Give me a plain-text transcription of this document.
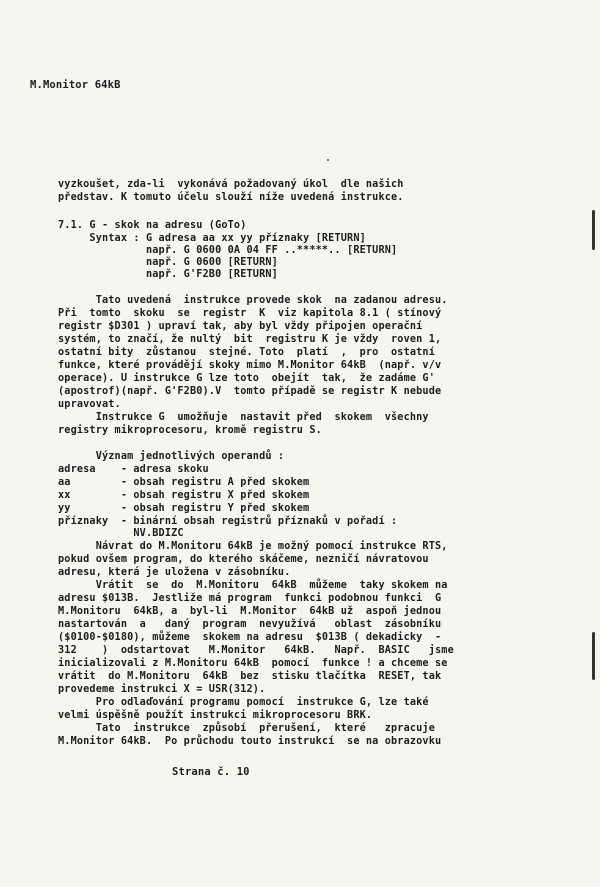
M.Monitor 64kB
vyzkoušet, zda-li  vykonává požadovaný úkol  dle našich
představ. K tomuto účelu slouží níže uvedená instrukce.
7.1. G - skok na adresu (GoTo)
Syntax : G adresa aa xx yy příznaky [RETURN]
např. G 0600 0A 04 FF ..*****.. [RETURN]
např. G 0600 [RETURN]
např. G'F2B0 [RETURN]
Tato uvedená  instrukce provede skok  na zadanou adresu.
Při  tomto  skoku  se  registr  K  viz kapitola 8.1 ( stínový
registr $D301 ) upraví tak, aby byl vždy připojen operační
systém, to značí, že nultý  bit  registru K je vždy  roven 1,
ostatní bity  zůstanou  stejné. Toto  platí  ,  pro  ostatní
funkce, které provádějí skoky mimo M.Monitor 64kB  (např. v/v
operace). U instrukce G lze toto  obejít  tak,  že zadáme G'
(apostrof)(např. G'F2B0).V  tomto případě se registr K nebude
upravovat.
Instrukce G  umožňuje  nastavit před  skokem  všechny
registry mikroprocesoru, kromě registru S.
Význam jednotlivých operandů :
adresa    - adresa skoku
aa        - obsah registru A před skokem
xx        - obsah registru X před skokem
yy        - obsah registru Y před skokem
příznaky  - binární obsah registrů příznaků v pořadí :
NV.BDIZC
Návrat do M.Monitoru 64kB je možný pomocí instrukce RTS,
pokud ovšem program, do kterého skáčeme, nezničí návratovou
adresu, která je uložena v zásobníku.
Vrátit  se  do  M.Monitoru  64kB  můžeme  taky skokem na
adresu $013B.  Jestliže má program  funkci podobnou funkci  G
M.Monitoru  64kB, a  byl-li  M.Monitor  64kB už  aspoň jednou
nastartován  a   daný  program  nevyužívá   oblast  zásobníku
($0100-$0180), můžeme  skokem na adresu  $013B ( dekadicky  -
312    )  odstartovat   M.Monitor   64kB.   Např.  BASIC   jsme
inicializovali z M.Monitoru 64kB  pomocí  funkce ! a chceme se
vrátit  do M.Monitoru  64kB  bez  stisku tlačítka  RESET, tak
provedeme instrukci X = USR(312).
Pro odlaďování programu pomocí  instrukce G, lze také
velmi úspěšně použít instrukci mikroprocesoru BRK.
Tato  instrukce  způsobí  přerušení,  které   zpracuje
M.Monitor 64kB.  Po průchodu touto instrukcí  se na obrazovku
Strana č. 10
